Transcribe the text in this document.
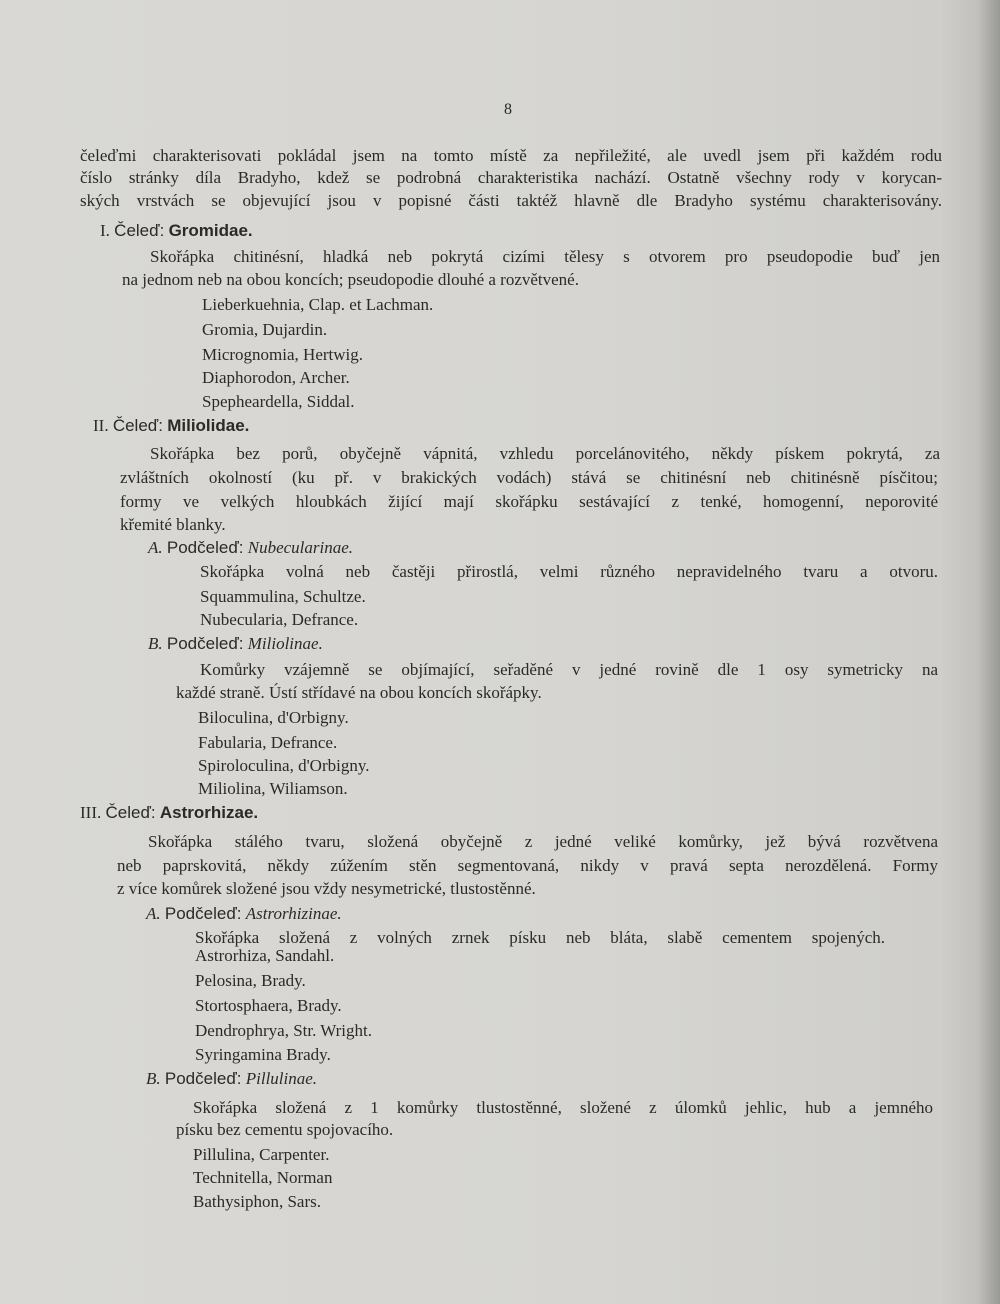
8
čeleďmi charakterisovati pokládal jsem na tomto místě za nepřiležité, ale uvedl jsem při každém rodu
číslo stránky díla Bradyho, kdež se podrobná charakteristika nachází. Ostatně všechny rody v korycan-
ských vrstvách se objevující jsou v popisné části taktéž hlavně dle Bradyho systému charakterisovány.
I. Čeleď: Gromidae.
Skořápka chitinésní, hladká neb pokrytá cizími tělesy s otvorem pro pseudopodie buď jen
na jednom neb na obou koncích; pseudopodie dlouhé a rozvětvené.
Lieberkuehnia, Clap. et Lachman.
Gromia, Dujardin.
Micrognomia, Hertwig.
Diaphorodon, Archer.
Spepheardella, Siddal.
II. Čeleď: Miliolidae.
Skořápka bez porů, obyčejně vápnitá, vzhledu porcelánovitého, někdy pískem pokrytá, za
zvláštních okolností (ku př. v brakických vodách) stává se chitinésní neb chitinésně písčitou;
formy ve velkých hloubkách žijící mají skořápku sestávající z tenké, homogenní, neporovité
křemité blanky.
A. Podčeleď: Nubecularinae.
Skořápka volná neb častěji přirostlá, velmi různého nepravidelného tvaru a otvoru.
Squammulina, Schultze.
Nubecularia, Defrance.
B. Podčeleď: Miliolinae.
Komůrky vzájemně se objímající, seřaděné v jedné rovině dle 1 osy symetricky na
každé straně. Ústí střídavé na obou koncích skořápky.
Biloculina, d'Orbigny.
Fabularia, Defrance.
Spiroloculina, d'Orbigny.
Miliolina, Wiliamson.
III. Čeleď: Astrorhizae.
Skořápka stálého tvaru, složená obyčejně z jedné veliké komůrky, jež bývá rozvětvena
neb paprskovitá, někdy zúžením stěn segmentovaná, nikdy v pravá septa nerozdělená. Formy
z více komůrek složené jsou vždy nesymetrické, tlustostěnné.
A. Podčeleď: Astrorhizinae.
Skořápka složená z volných zrnek písku neb bláta, slabě cementem spojených.
Astrorhiza, Sandahl.
Pelosina, Brady.
Stortosphaera, Brady.
Dendrophrya, Str. Wright.
Syringamina Brady.
B. Podčeleď: Pillulinae.
Skořápka složená z 1 komůrky tlustostěnné, složené z úlomků jehlic, hub a jemného
písku bez cementu spojovacího.
Pillulina, Carpenter.
Technitella, Norman
Bathysiphon, Sars.
